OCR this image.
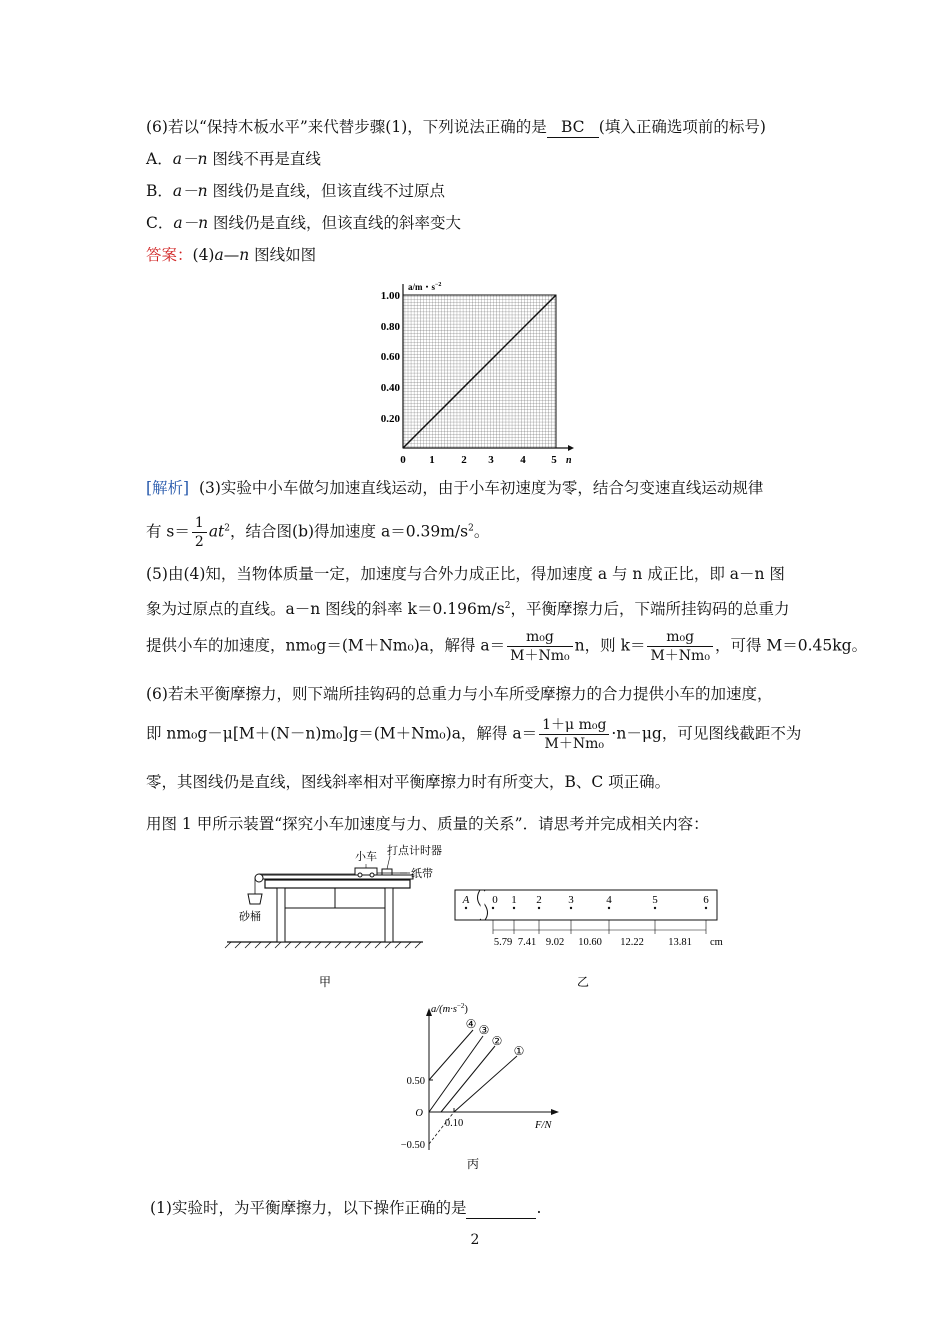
(6)若以“保持木板水平”来代替步骤(1)，下列说法正确的是 BC (填入正确选项前的标号)
A．a－n 图线不再是直线
B．a－n 图线仍是直线，但该直线不过原点
C．a－n 图线仍是直线，但该直线的斜率变大
答案：(4)a—n 图线如图
a/m・$s^{-2}$
n
1.00
0.80
0.60
0.40
0.20
0 1 2 3 4 5
[解析] (3)实验中小车做匀加速直线运动，由于小车初速度为零，结合匀变速直线运动规律
有 $s= \frac{1}{2} at^2$，结合图(b)得加速度 $a=0.39m/s^2$。
(5)由(4)知，当物体质量一定，加速度与合外力成正比，得加速度 a 与 n 成正比，即 a－n 图
象为过原点的直线。a－n 图线的斜率 $k=0.196m/s^2$，平衡摩擦力后，下端所挂钩码的总重力
提供小车的加速度，nm₀g＝(M＋Nm₀)a，解得 $a= \frac{\text{m₀g}}{\text{M＋Nm₀}}$ n，则 $k= \frac{\text{m₀g}}{\text{M＋Nm₀}}$ ，可得 M＝0.45kg。
(6)若未平衡摩擦力，则下端所挂钩码的总重力与小车所受摩擦力的合力提供小车的加速度，
即 nm₀g－μ[M＋(N－n)m₀]g＝(M＋Nm₀)a，解得 $a= \frac{\text{1＋μ m₀g}}{\text{M＋Nm₀}} \cdot n-\mu g$，可见图线截距不为
零，其图线仍是直线，图线斜率相对平衡摩擦力时有所变大，B、C 项正确。
用图 1 甲所示装置“探究小车加速度与力、质量的关系”．请思考并完成相关内容：
小车 打点计时器
纸带
砂桶
甲
A 0 1 2 3	4	5	6
5.79 7.41 9.02 10.60 12.22 13.81 cm
乙
$a/(m\cdot s^{-2})$
F/N
O
0.50
−0.50
0.10
④ ③
②
①
丙
(1)实验时，为平衡摩擦力，以下操作正确的是	.
2
